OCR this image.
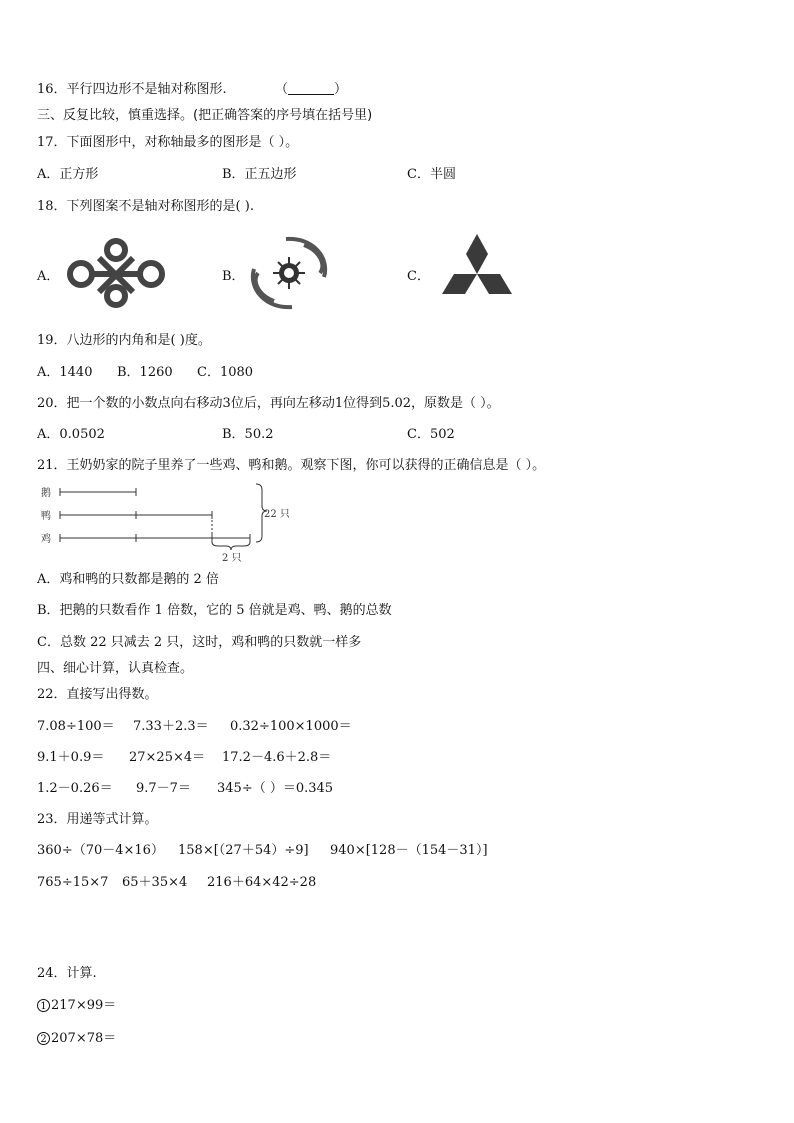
16．平行四边形不是轴对称图形.	（	）
三、反复比较，慎重选择。(把正确答案的序号填在括号里)
17．下面图形中，对称轴最多的图形是（ ）。
A．正方形	B．正五边形	C．半圆
18．下列图案不是轴对称图形的是( ).
A．	B．	C．
19．八边形的内角和是( )度。
A．1440 B．1260 C．1080
20．把一个数的小数点向右移动3位后，再向左移动1位得到5.02，原数是（ ）。
A．0.0502	B．50.2	C．502
21．王奶奶家的院子里养了一些鸡、鸭和鹅。观察下图，你可以获得的正确信息是（ ）。
鹅
鸭
鸡
22 只
2 只
A．鸡和鸭的只数都是鹅的 2 倍
B．把鹅的只数看作 1 倍数，它的 5 倍就是鸡、鸭、鹅的总数
C．总数 22 只减去 2 只，这时，鸡和鸭的只数就一样多
四、细心计算，认真检查。
22．直接写出得数。
7.08÷100＝ 7.33＋2.3＝ 0.32÷100×1000＝
9.1＋0.9＝ 27×25×4＝ 17.2－4.6＋2.8＝
1.2－0.26＝ 9.7－7＝ 345÷（ ）＝0.345
23．用递等式计算。
360÷（70－4×16） 158×[（27＋54）÷9] 940×[128－（154－31）]
765÷15×7 65＋35×4 216＋64×42÷28
24．计算.
1 217×99＝
2 207×78＝
